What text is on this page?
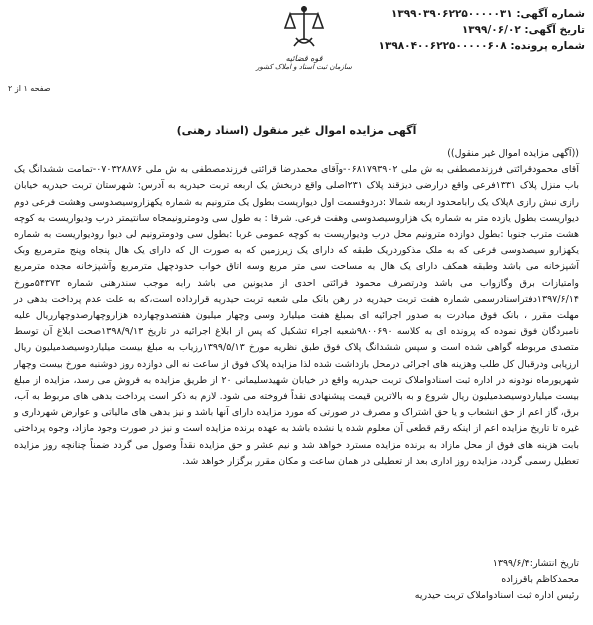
شماره آگهی: ۱۳۹۹۰۳۹۰۶۲۲۵۰۰۰۰۰۳۱
تاریخ آگهی: ۱۳۹۹/۰۶/۰۲
شماره پرونده: ۱۳۹۸۰۴۰۰۶۲۲۵۰۰۰۰۰۶۰۸
قوه قضائیه
سازمان ثبت اسناد و املاک کشور
صفحه ۱ از ۲
آگهی مزایده اموال غیر منقول (اسناد رهنی)

((آگهی مزایده اموال غیر منقول))

آقای محمودقرائتی فرزندمصطفی به ش ملی ۰۶۸۱۷۹۳۹۰۲-وآقای محمدرضا قرائتی فرزندمصطفی به ش ملی ۰۷۰۳۲۸۸۷۶-تمامت ششدانگ یک باب منزل پلاک ۱۳۳۱فرعی واقع درارضی دیزقند پلاک ۲۳۱اصلی واقع دربخش یک اربعه تربت حیدریه به آدرس: شهرستان تربت حیدریه خیابان رازی نبش رازی ۸پلاک یک رابامحدود اربعه شمالا :دردوقسمت اول دیواریست بطول یک مترونیم به شماره یکهزاروسیصدوسی وهشت فرعی دوم دیواریست بطول یازده متر به شماره یک هزاروسیصدوسی وهفت فرعی. شرقا : به طول سی ودومترونیمجاه سانتیمتر درب ودیواریست به کوچه هشت مترب جنوبا :بطول دوازده مترونیم محل درب ودیواریست به کوچه عمومی غربا :بطول سی ودومترونیم لی دیوا رودیواریست به شماره یکهزارو سیصدوسی فرعی که به ملک مذکوردریک طبقه که دارای یک زیرزمین که به صورت ال که دارای یک هال پنجاه وپنج مترمربع وبک آشپزخانه می باشد وطبقه همکف دارای یک هال به مساحت سی متر مربع وسه اتاق خواب حدودچهل مترمربع وآشپزخانه مجده مترمربع وامتیازات برق وگازواب می باشد ودرتصرف محمود قرائتی احدی از مدیونین می باشد رابه موجب سندرهنی شماره ۵۴۳۷۳مورخ ۱۳۹۷/۶/۱۴دفتراسنادرسمی شماره هفت تربت حیدریه در رهن بانک ملی شعبه تربت حیدریه قرارداده است،که به علت عدم پرداخت بدهی در مهلت مقرر ، بانک فوق مبادرت به صدور اجرائیه ای بمبلغ هفت میلیارد وسی وچهار میلیون هفتصدوچهارده هزاروچهارصدوچهارریال علیه نامبردگان فوق نموده که پرونده ای به کلاسه ۹۸۰۰۶۹۰شعبه اجراء تشکیل که پس از ابلاغ اجرائیه در تاریخ ۱۳۹۸/۹/۱۳صحت ابلاغ آن توسط متصدی مربوطه گواهی شده است و سپس ششدانگ پلاک فوق طبق نظریه مورخ ۱۳۹۹/۵/۱۳رزیاب به مبلغ بیست میلیاردوسیصدمیلیون ریال ارزیابی ودرقبال کل طلب وهزینه های اجرائی درمحل بازداشت شده لذا مزایده پلاک فوق از ساعت نه الی دوازده روز دوشنبه مورخ بیست وچهار شهریورماه نودونه در اداره ثبت اسنادواملاک تربت حیدریه واقع در خیابان شهیدسلیمانی ۲۰ از طریق مزایده به فروش می رسد، مزایده از مبلغ بیست میلیاردوسیصدمیلیون ریال شروع و به بالاترین قیمت پیشنهادی نقداً فروخته می شود. لازم به ذکر است پرداخت بدهی های مربوط به آب، برق، گاز اعم از حق انشعاب و یا حق اشتراک و مصرف در صورتی که مورد مزایده دارای آنها باشد و نیز بدهی های مالیاتی و عوارض شهرداری و غیره تا تاریخ مزایده اعم از اینکه رقم قطعی آن معلوم شده یا نشده باشد به عهده برنده مزایده است و نیز در صورت وجود مازاد، وجوه پرداختی بابت هزینه های فوق از محل مازاد به برنده مزایده مسترد خواهد شد و نیم عشر و حق مزایده نقداً وصول می گردد ضمناً چنانچه روز مزایده تعطیل رسمی گردد، مزایده روز اداری بعد از تعطیلی در همان ساعت و مکان مقرر برگزار خواهد شد.

تاریخ انتشار:۱۳۹۹/۶/۴
محمدکاظم باقرزاده
رئیس اداره ثبت اسنادواملاک تربت حیدریه
